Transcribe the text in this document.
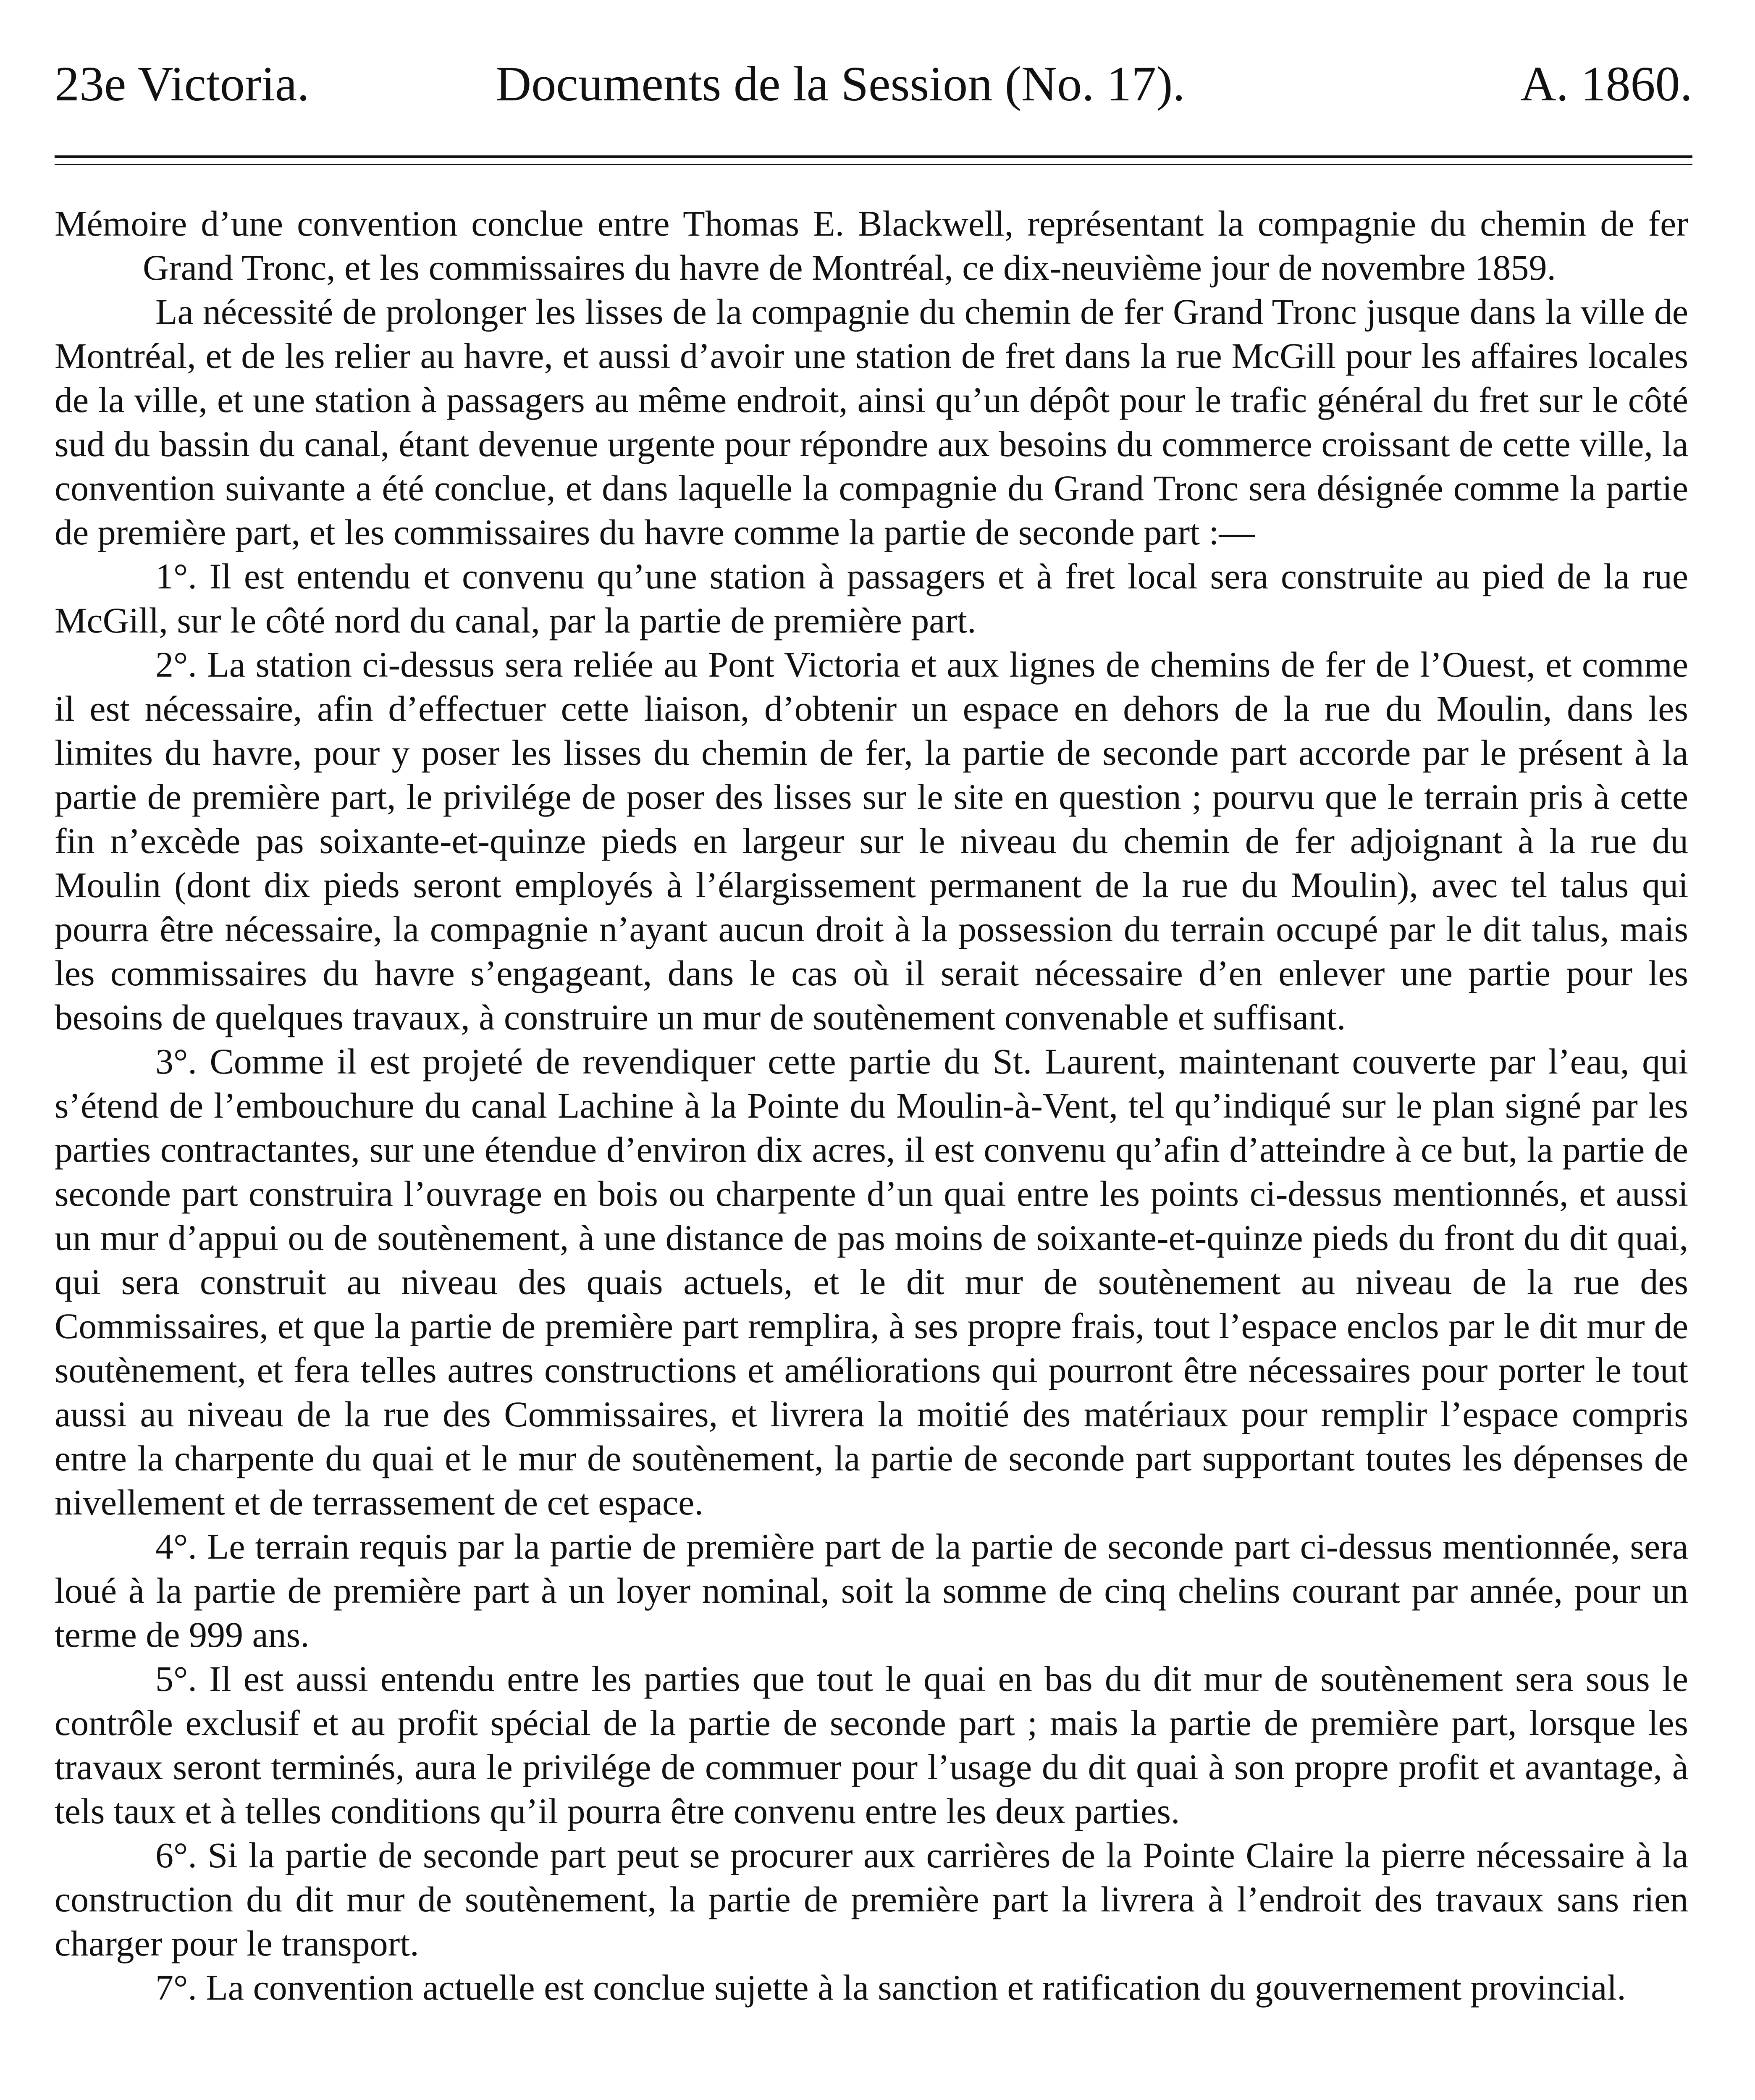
23e Victoria.	Documents de la Session (No. 17).	A. 1860.

Mémoire d’une convention conclue entre Thomas E. Blackwell, représentant la compagnie du chemin de fer Grand Tronc, et les commissaires du havre de Montréal, ce dix-neuvième jour de novembre 1859.

La nécessité de prolonger les lisses de la compagnie du chemin de fer Grand Tronc jusque dans la ville de Montréal, et de les relier au havre, et aussi d’avoir une station de fret dans la rue McGill pour les affaires locales de la ville, et une station à passagers au même endroit, ainsi qu’un dépôt pour le trafic général du fret sur le côté sud du bassin du canal, étant devenue urgente pour répondre aux besoins du commerce croissant de cette ville, la convention suivante a été conclue, et dans laquelle la compagnie du Grand Tronc sera désignée comme la partie de première part, et les commissaires du havre comme la partie de seconde part :—

1°. Il est entendu et convenu qu’une station à passagers et à fret local sera construite au pied de la rue McGill, sur le côté nord du canal, par la partie de première part.

2°. La station ci-dessus sera reliée au Pont Victoria et aux lignes de chemins de fer de l’Ouest, et comme il est nécessaire, afin d’effectuer cette liaison, d’obtenir un espace en dehors de la rue du Moulin, dans les limites du havre, pour y poser les lisses du chemin de fer, la partie de seconde part accorde par le présent à la partie de première part, le privilége de poser des lisses sur le site en question ; pourvu que le terrain pris à cette fin n’excède pas soixante-et-quinze pieds en largeur sur le niveau du chemin de fer adjoignant à la rue du Moulin (dont dix pieds seront employés à l’élargissement permanent de la rue du Moulin), avec tel talus qui pourra être nécessaire, la compagnie n’ayant aucun droit à la possession du terrain occupé par le dit talus, mais les commissaires du havre s’engageant, dans le cas où il serait nécessaire d’en enlever une partie pour les besoins de quelques travaux, à construire un mur de soutènement convenable et suffisant.

3°. Comme il est projeté de revendiquer cette partie du St. Laurent, maintenant couverte par l’eau, qui s’étend de l’embouchure du canal Lachine à la Pointe du Moulin-à-Vent, tel qu’indiqué sur le plan signé par les parties contractantes, sur une étendue d’environ dix acres, il est convenu qu’afin d’atteindre à ce but, la partie de seconde part construira l’ouvrage en bois ou charpente d’un quai entre les points ci-dessus mentionnés, et aussi un mur d’appui ou de soutènement, à une distance de pas moins de soixante-et-quinze pieds du front du dit quai, qui sera construit au niveau des quais actuels, et le dit mur de soutènement au niveau de la rue des Commissaires, et que la partie de première part remplira, à ses propre frais, tout l’espace enclos par le dit mur de soutènement, et fera telles autres constructions et améliorations qui pourront être nécessaires pour porter le tout aussi au niveau de la rue des Commissaires, et livrera la moitié des matériaux pour remplir l’espace compris entre la charpente du quai et le mur de soutènement, la partie de seconde part supportant toutes les dépenses de nivellement et de terrassement de cet espace.

4°. Le terrain requis par la partie de première part de la partie de seconde part ci-dessus mentionnée, sera loué à la partie de première part à un loyer nominal, soit la somme de cinq chelins courant par année, pour un terme de 999 ans.

5°. Il est aussi entendu entre les parties que tout le quai en bas du dit mur de soutènement sera sous le contrôle exclusif et au profit spécial de la partie de seconde part ; mais la partie de première part, lorsque les travaux seront terminés, aura le privilége de commuer pour l’usage du dit quai à son propre profit et avantage, à tels taux et à telles conditions qu’il pourra être convenu entre les deux parties.

6°. Si la partie de seconde part peut se procurer aux carrières de la Pointe Claire la pierre nécessaire à la construction du dit mur de soutènement, la partie de première part la livrera à l’endroit des travaux sans rien charger pour le transport.

7°. La convention actuelle est conclue sujette à la sanction et ratification du gouvernement provincial.
